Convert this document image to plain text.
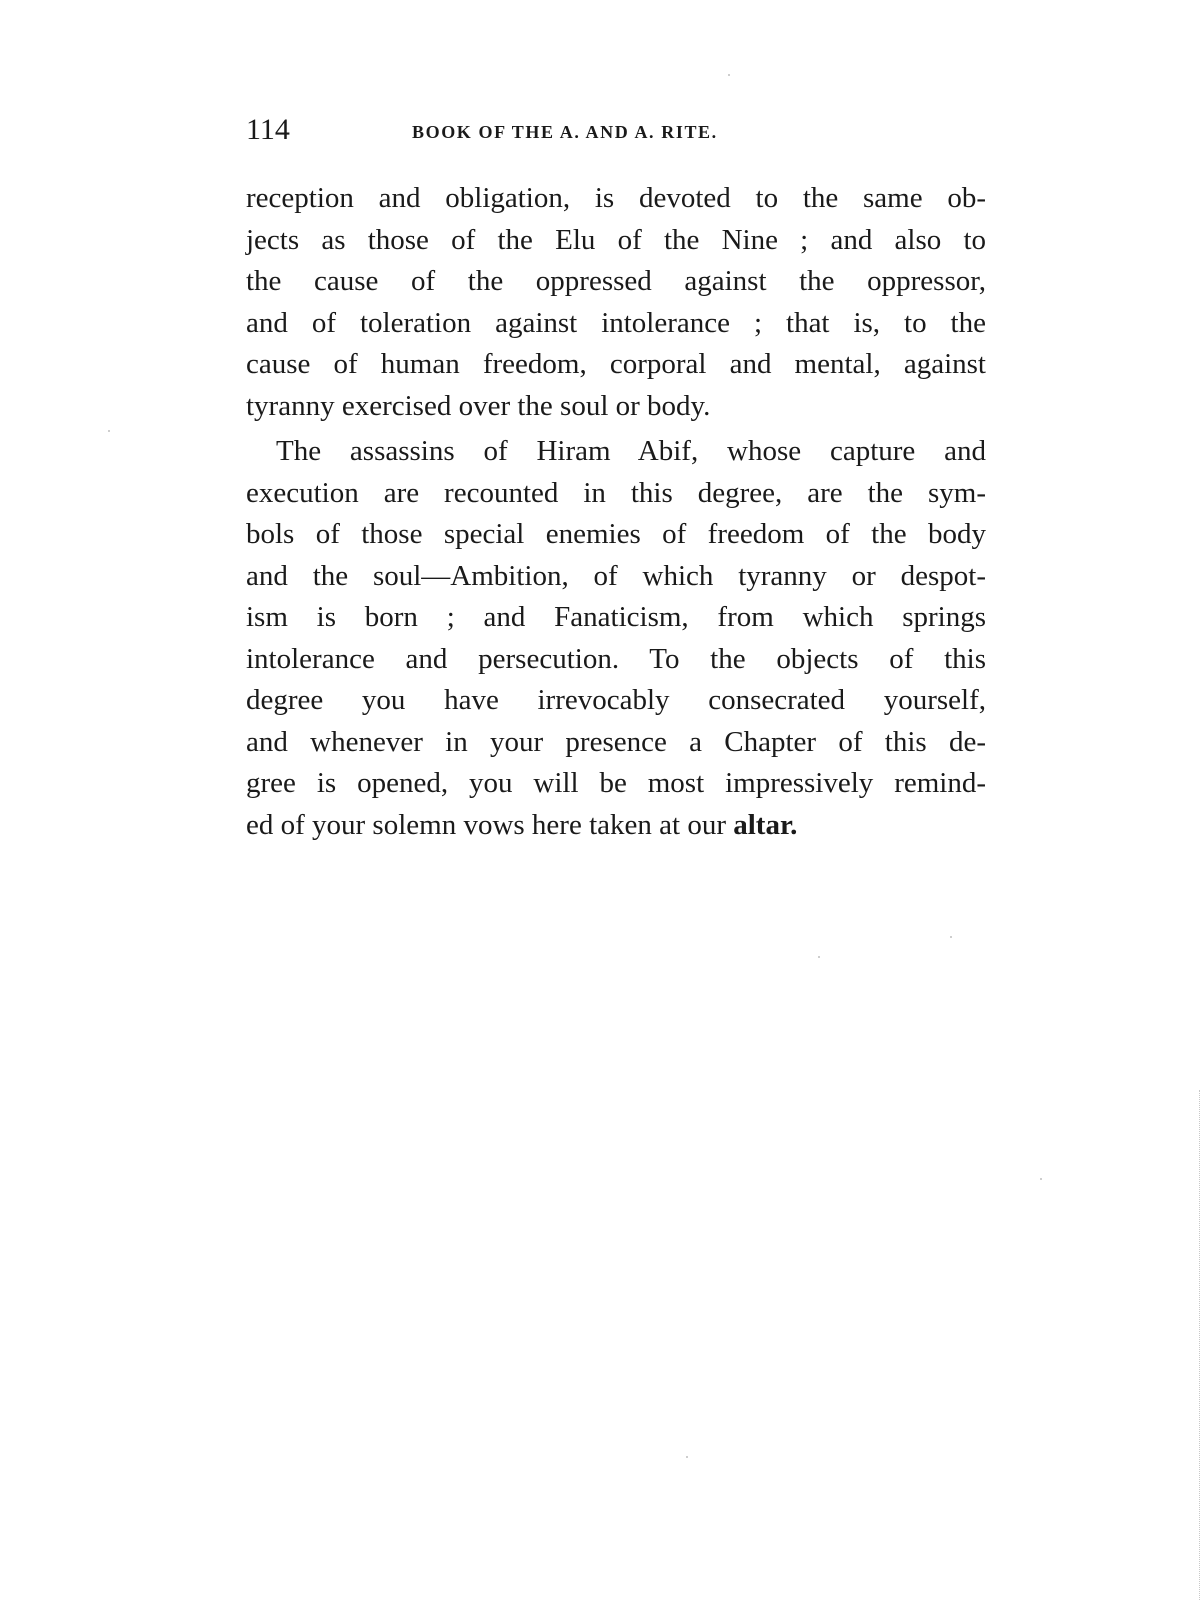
114	BOOK OF THE A. AND A. RITE.
reception and obligation, is devoted to the same ob-
jects as those of the Elu of the Nine ; and also to
the cause of the oppressed against the oppressor,
and of toleration against intolerance ; that is, to the
cause of human freedom, corporal and mental, against
tyranny exercised over the soul or body.
The assassins of Hiram Abif, whose capture and
execution are recounted in this degree, are the sym-
bols of those special enemies of freedom of the body
and the soul—Ambition, of which tyranny or despot-
ism is born ; and Fanaticism, from which springs
intolerance and persecution. To the objects of this
degree you have irrevocably consecrated yourself,
and whenever in your presence a Chapter of this de-
gree is opened, you will be most impressively remind-
ed of your solemn vows here taken at our altar.
